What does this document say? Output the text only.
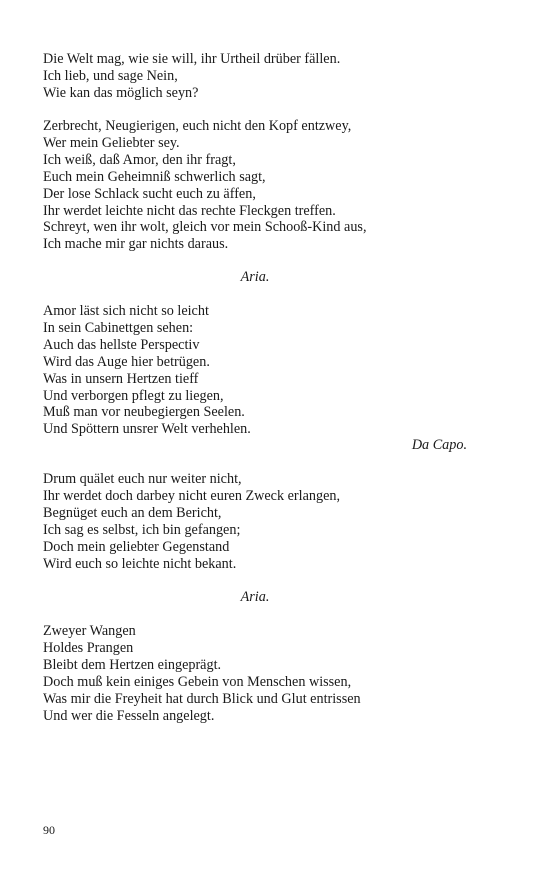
Die Welt mag, wie sie will, ihr Urtheil drüber fällen.
Ich lieb, und sage Nein,
Wie kan das möglich seyn?
Zerbrecht, Neugierigen, euch nicht den Kopf entzwey,
Wer mein Geliebter sey.
Ich weiß, daß Amor, den ihr fragt,
Euch mein Geheimniß schwerlich sagt,
Der lose Schlack sucht euch zu äffen,
Ihr werdet leichte nicht das rechte Fleckgen treffen.
Schreyt, wen ihr wolt, gleich vor mein Schooß-Kind aus,
Ich mache mir gar nichts daraus.
Aria.
Amor läst sich nicht so leicht
In sein Cabinettgen sehen:
Auch das hellste Perspectiv
Wird das Auge hier betrügen.
Was in unsern Hertzen tieff
Und verborgen pflegt zu liegen,
Muß man vor neubegiergen Seelen.
Und Spöttern unsrer Welt verhehlen.
Da Capo.
Drum quälet euch nur weiter nicht,
Ihr werdet doch darbey nicht euren Zweck erlangen,
Begnüget euch an dem Bericht,
Ich sag es selbst, ich bin gefangen;
Doch mein geliebter Gegenstand
Wird euch so leichte nicht bekant.
Aria.
Zweyer Wangen
Holdes Prangen
Bleibt dem Hertzen eingeprägt.
Doch muß kein einiges Gebein von Menschen wissen,
Was mir die Freyheit hat durch Blick und Glut entrissen
Und wer die Fesseln angelegt.
90
